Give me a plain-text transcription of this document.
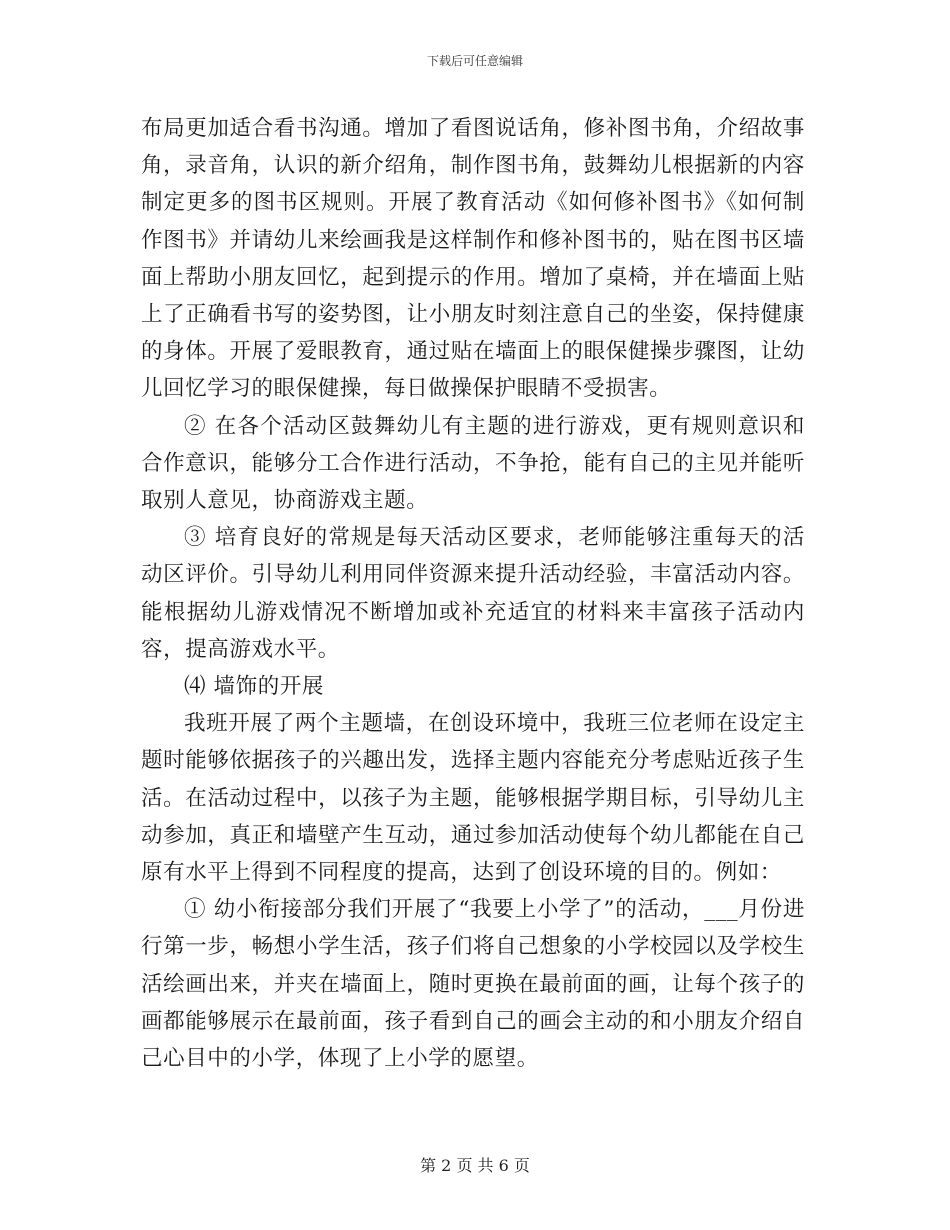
下载后可任意编辑

布局更加适合看书沟通。增加了看图说话角，修补图书角，介绍故事角，录音角，认识的新介绍角，制作图书角，鼓舞幼儿根据新的内容制定更多的图书区规则。开展了教育活动《如何修补图书》《如何制作图书》并请幼儿来绘画我是这样制作和修补图书的，贴在图书区墙面上帮助小朋友回忆，起到提示的作用。增加了桌椅，并在墙面上贴上了正确看书写的姿势图，让小朋友时刻注意自己的坐姿，保持健康的身体。开展了爱眼教育，通过贴在墙面上的眼保健操步骤图，让幼儿回忆学习的眼保健操，每日做操保护眼睛不受损害。

② 在各个活动区鼓舞幼儿有主题的进行游戏，更有规则意识和合作意识，能够分工合作进行活动，不争抢，能有自己的主见并能听取别人意见，协商游戏主题。

③ 培育良好的常规是每天活动区要求，老师能够注重每天的活动区评价。引导幼儿利用同伴资源来提升活动经验，丰富活动内容。能根据幼儿游戏情况不断增加或补充适宜的材料来丰富孩子活动内容，提高游戏水平。

⑷ 墙饰的开展

我班开展了两个主题墙，在创设环境中，我班三位老师在设定主题时能够依据孩子的兴趣出发，选择主题内容能充分考虑贴近孩子生活。在活动过程中，以孩子为主题，能够根据学期目标，引导幼儿主动参加，真正和墙壁产生互动，通过参加活动使每个幼儿都能在自己原有水平上得到不同程度的提高，达到了创设环境的目的。例如：

① 幼小衔接部分我们开展了“我要上小学了”的活动，___月份进行第一步，畅想小学生活，孩子们将自己想象的小学校园以及学校生活绘画出来，并夹在墙面上，随时更换在最前面的画，让每个孩子的画都能够展示在最前面，孩子看到自己的画会主动的和小朋友介绍自己心目中的小学，体现了上小学的愿望。

第 2 页 共 6 页
